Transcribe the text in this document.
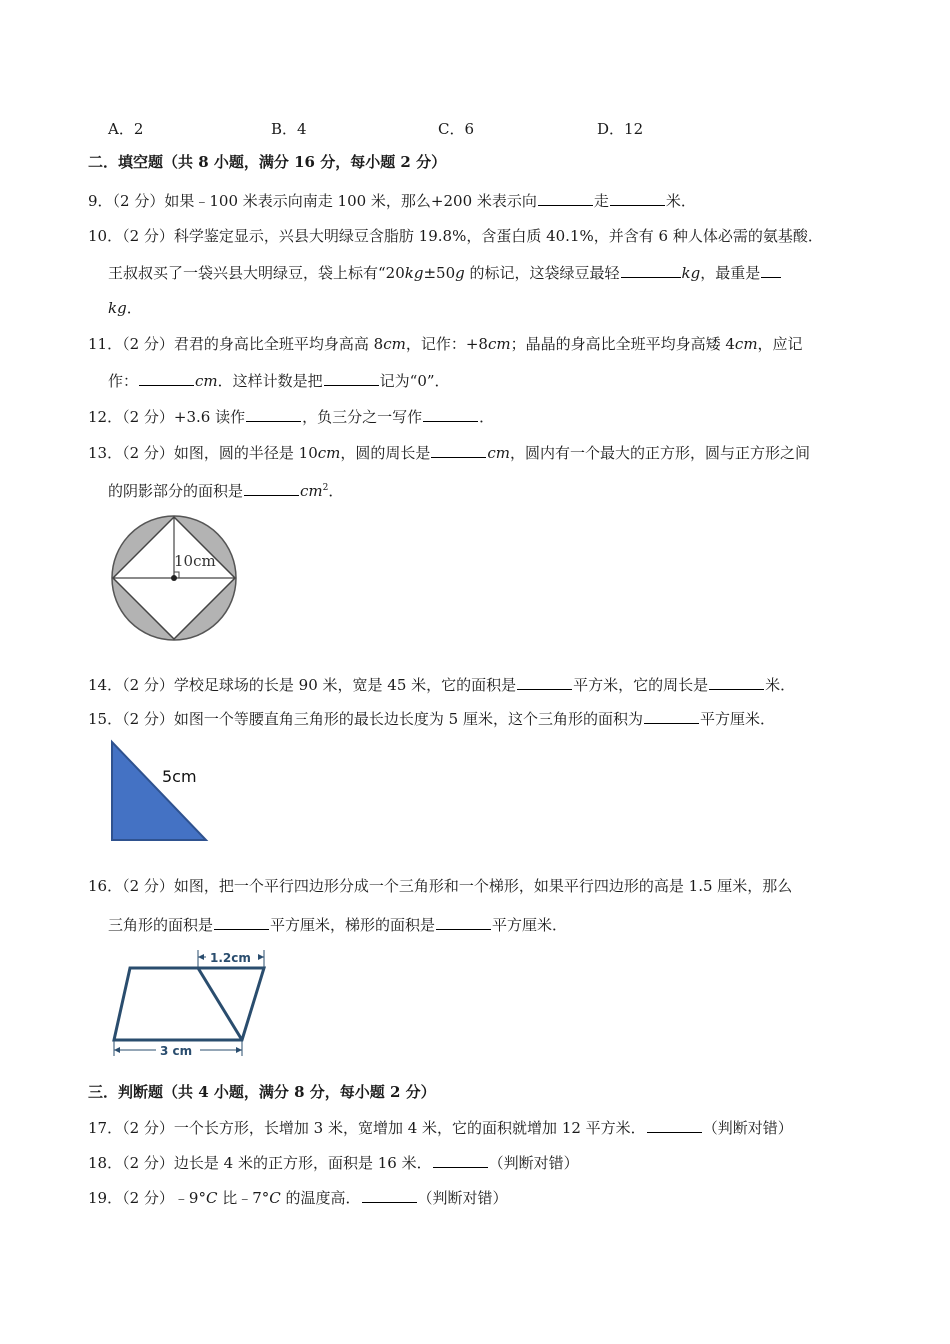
A．2	B．4	C．6	D．12
二．填空题（共 8 小题，满分 16 分，每小题 2 分）
9．（2 分）如果﹣100 米表示向南走 100 米，那么+200 米表示向	走	米．
10．（2 分）科学鉴定显示，兴县大明绿豆含脂肪 19.8%，含蛋白质 40.1%，并含有 6 种人体必需的氨基酸．
王叔叔买了一袋兴县大明绿豆，袋上标有“20kg±50g 的标记，这袋绿豆最轻	kg，最重是
kg．
11．（2 分）君君的身高比全班平均身高高 8cm，记作：+8cm；晶晶的身高比全班平均身高矮 4cm，应记
作：	cm．这样计数是把	记为“0”．
12．（2 分）+3.6 读作	，负三分之一写作	．
13．（2 分）如图，圆的半径是 10cm，圆的周长是	cm，圆内有一个最大的正方形，圆与正方形之间
的阴影部分的面积是	$cm^2$．
10cm
14．（2 分）学校足球场的长是 90 米，宽是 45 米，它的面积是	平方米，它的周长是	米．
15．（2 分）如图一个等腰直角三角形的最长边长度为 5 厘米，这个三角形的面积为	平方厘米．
5cm
16．（2 分）如图，把一个平行四边形分成一个三角形和一个梯形，如果平行四边形的高是 1.5 厘米，那么
三角形的面积是	平方厘米，梯形的面积是	平方厘米．
1.2cm
3 cm
三．判断题（共 4 小题，满分 8 分，每小题 2 分）
17．（2 分）一个长方形，长增加 3 米，宽增加 4 米，它的面积就增加 12 平方米．	（判断对错）
18．（2 分）边长是 4 米的正方形，面积是 16 米．	（判断对错）
19．（2 分）﹣9°C 比﹣7°C 的温度高．	（判断对错）
